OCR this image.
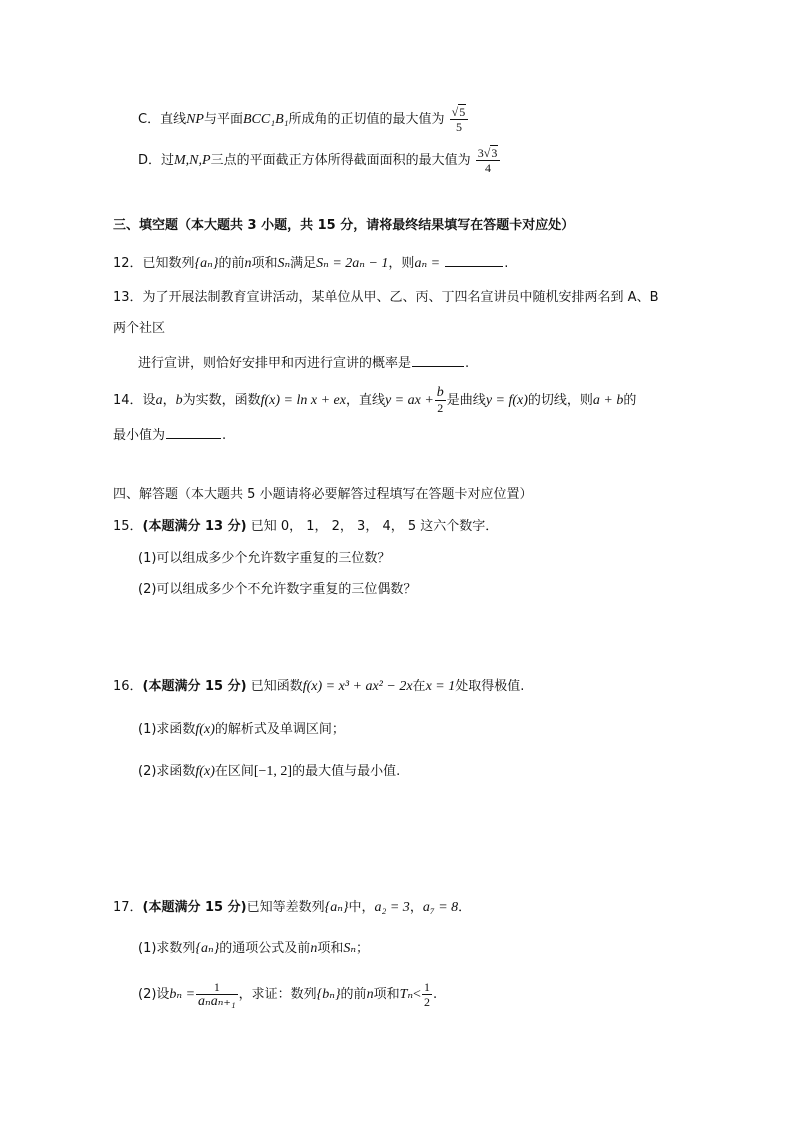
C．直线NP与平面BCC₁B₁所成角的正切值的最大值为 $\frac{√5}{5}$
D．过M,N,P三点的平面截正方体所得截面面积的最大值为 $\frac{3√3}{4}$
三、填空题（本大题共 3 小题，共 15 分，请将最终结果填写在答题卡对应处）
12．已知数列{aₙ}的前n项和Sₙ满足Sₙ = 2aₙ − 1，则aₙ =	.
13．为了开展法制教育宣讲活动，某单位从甲、乙、丙、丁四名宣讲员中随机安排两名到 A、B
两个社区
进行宣讲，则恰好安排甲和丙进行宣讲的概率是	.
14．设a，b为实数，函数f(x) = ln x + ex，直线y = ax + $\frac{b}{2}$ 是曲线y = f(x)的切线，则a + b的
最小值为	.
四、解答题（本大题共 5 小题请将必要解答过程填写在答题卡对应位置）
15．(本题满分 13 分) 已知 0， 1， 2， 3， 4， 5 这六个数字．
(1)可以组成多少个允许数字重复的三位数？
(2)可以组成多少个不允许数字重复的三位偶数？
16．(本题满分 15 分) 已知函数f(x) = x³ + ax² − 2x在x = 1处取得极值.
(1)求函数f(x)的解析式及单调区间；
(2)求函数f(x)在区间[−1, 2]的最大值与最小值.
17．(本题满分 15 分)已知等差数列{aₙ}中，a₂ = 3，a₇ = 8．
(1)求数列{aₙ}的通项公式及前n项和Sₙ；
(2)设$b_n = \frac{1}{\text{aₙaₙ₊₁}}$ ，求证：数列{bₙ}的前n项和$T_n< \frac{1}{2}$ .
